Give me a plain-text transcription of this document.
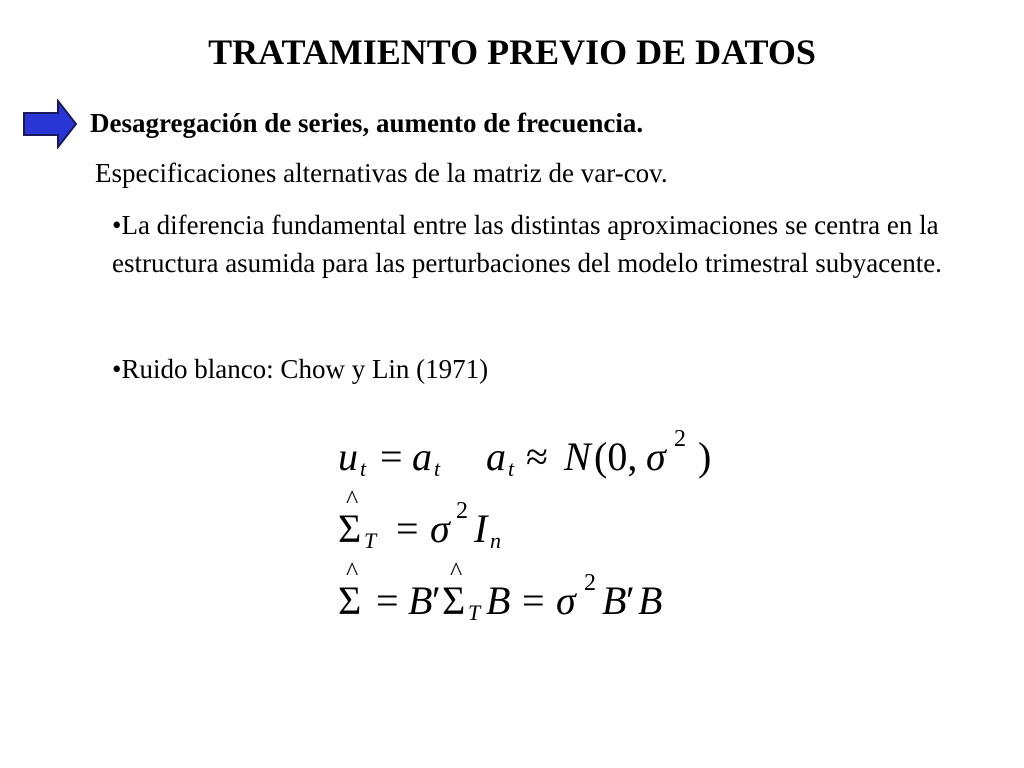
TRATAMIENTO PREVIO DE DATOS
Desagregación de series, aumento de frecuencia.
Especificaciones alternativas de la matriz de var-cov.
•La diferencia fundamental entre las distintas aproximaciones se centra en la estructura asumida para las perturbaciones del modelo trimestral subyacente.
•Ruido blanco: Chow y Lin (1971)
u t = a t a t ≈ N (0, σ 2 )
Σ
^
T = σ 2 I n
Σ
^
= B ′ Σ
^
T B = σ 2 B ′ B
